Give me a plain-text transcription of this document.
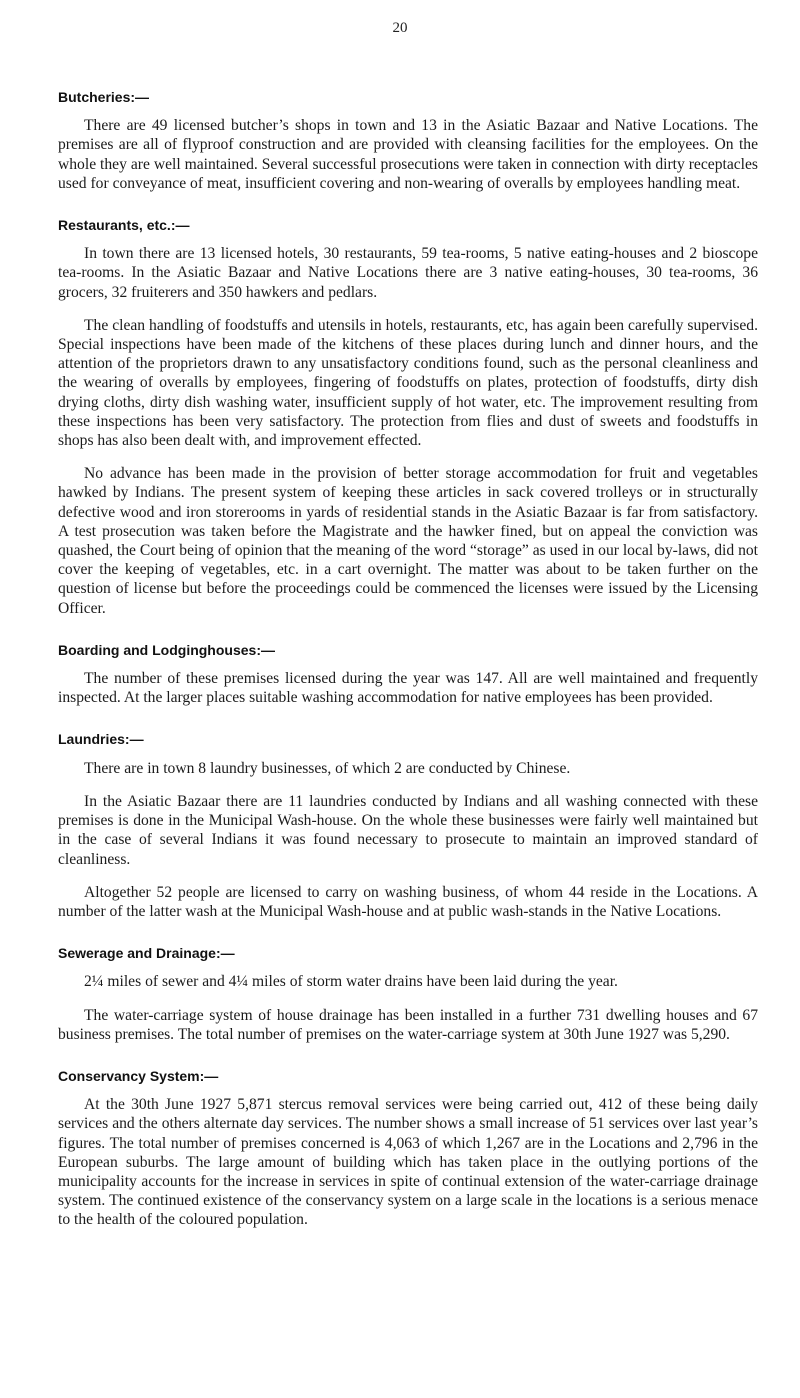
20
Butcheries:—

There are 49 licensed butcher’s shops in town and 13 in the Asiatic Bazaar and Native Locations. The premises are all of flyproof construction and are provided with cleansing facilities for the employees. On the whole they are well maintained. Several successful prosecutions were taken in connection with dirty receptacles used for conveyance of meat, insufficient covering and non-wearing of overalls by employees handling meat.

Restaurants, etc.:—

In town there are 13 licensed hotels, 30 restaurants, 59 tea-rooms, 5 native eating-houses and 2 bioscope tea-rooms. In the Asiatic Bazaar and Native Locations there are 3 native eating-houses, 30 tea-rooms, 36 grocers, 32 fruiterers and 350 hawkers and pedlars.

The clean handling of foodstuffs and utensils in hotels, restaurants, etc, has again been carefully supervised. Special inspections have been made of the kitchens of these places during lunch and dinner hours, and the attention of the proprietors drawn to any unsatisfactory conditions found, such as the personal cleanliness and the wearing of overalls by employees, fingering of foodstuffs on plates, protection of foodstuffs, dirty dish drying cloths, dirty dish washing water, insufficient supply of hot water, etc. The improvement resulting from these inspections has been very satisfactory. The protection from flies and dust of sweets and foodstuffs in shops has also been dealt with, and improvement effected.

No advance has been made in the provision of better storage accommodation for fruit and vegetables hawked by Indians. The present system of keeping these articles in sack covered trolleys or in structurally defective wood and iron storerooms in yards of residential stands in the Asiatic Bazaar is far from satisfactory. A test prosecution was taken before the Magistrate and the hawker fined, but on appeal the conviction was quashed, the Court being of opinion that the meaning of the word “storage” as used in our local by-laws, did not cover the keeping of vegetables, etc. in a cart overnight. The matter was about to be taken further on the question of license but before the proceedings could be commenced the licenses were issued by the Licensing Officer.

Boarding and Lodginghouses:—

The number of these premises licensed during the year was 147. All are well maintained and frequently inspected. At the larger places suitable washing accommodation for native employees has been provided.

Laundries:—

There are in town 8 laundry businesses, of which 2 are conducted by Chinese.

In the Asiatic Bazaar there are 11 laundries conducted by Indians and all washing connected with these premises is done in the Municipal Wash-house. On the whole these businesses were fairly well maintained but in the case of several Indians it was found necessary to prosecute to maintain an improved standard of cleanliness.

Altogether 52 people are licensed to carry on washing business, of whom 44 reside in the Locations. A number of the latter wash at the Municipal Wash-house and at public wash-stands in the Native Locations.

Sewerage and Drainage:—

2¼ miles of sewer and 4¼ miles of storm water drains have been laid during the year.

The water-carriage system of house drainage has been installed in a further 731 dwelling houses and 67 business premises. The total number of premises on the water-carriage system at 30th June 1927 was 5,290.

Conservancy System:—

At the 30th June 1927 5,871 stercus removal services were being carried out, 412 of these being daily services and the others alternate day services. The number shows a small increase of 51 services over last year’s figures. The total number of premises concerned is 4,063 of which 1,267 are in the Locations and 2,796 in the European suburbs. The large amount of building which has taken place in the outlying portions of the municipality accounts for the increase in services in spite of continual extension of the water-carriage drainage system. The continued existence of the conservancy system on a large scale in the locations is a serious menace to the health of the coloured population.
